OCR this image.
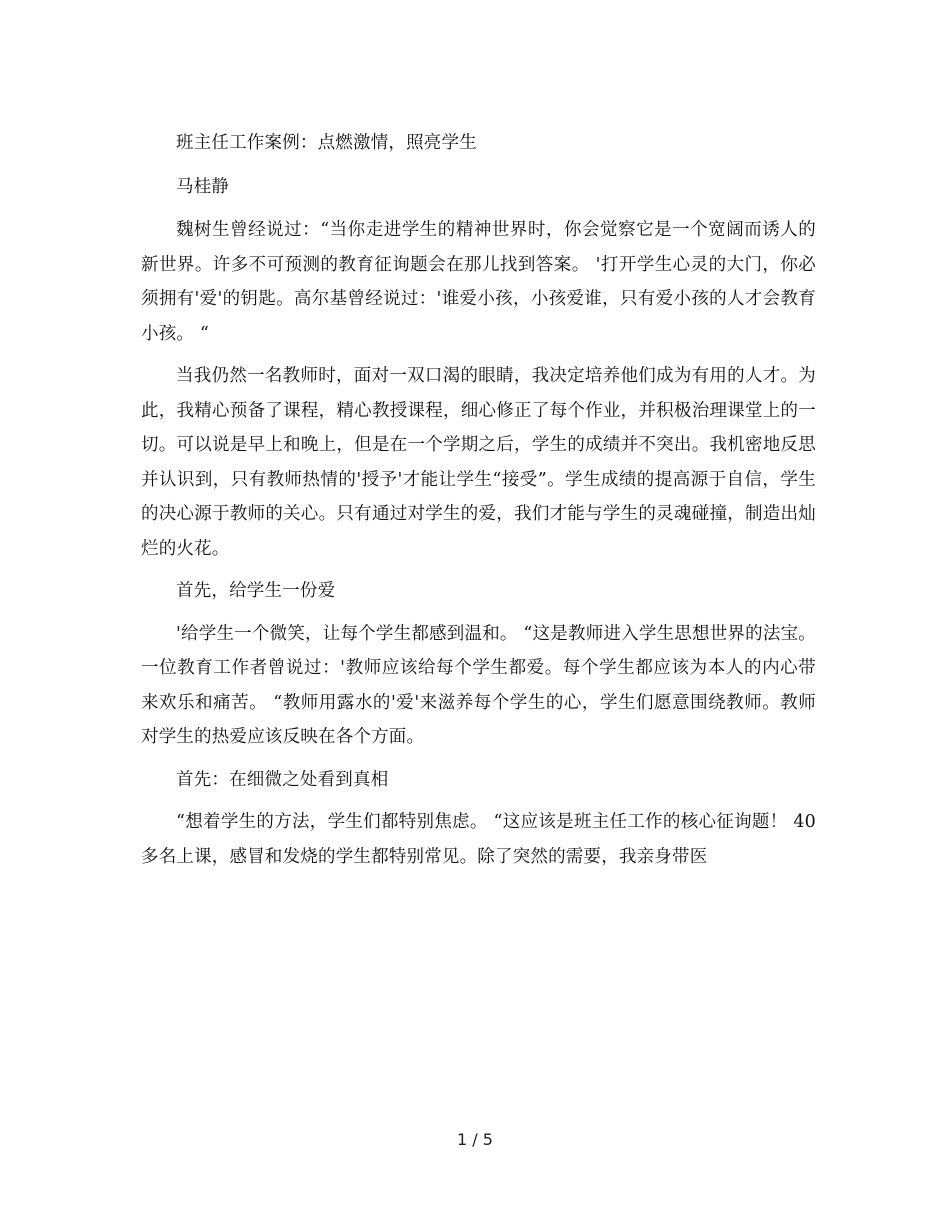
班主任工作案例：点燃激情，照亮学生

马桂静

魏树生曾经说过：“当你走进学生的精神世界时，你会觉察它是一个宽阔而诱人的新世界。许多不可预测的教育征询题会在那儿找到答案。 '打开学生心灵的大门，你必须拥有'爱'的钥匙。高尔基曾经说过：'谁爱小孩，小孩爱谁，只有爱小孩的人才会教育小孩。 “

当我仍然一名教师时，面对一双口渴的眼睛，我决定培养他们成为有用的人才。为此，我精心预备了课程，精心教授课程，细心修正了每个作业，并积极治理课堂上的一切。可以说是早上和晚上，但是在一个学期之后，学生的成绩并不突出。我机密地反思并认识到，只有教师热情的'授予'才能让学生“接受”。学生成绩的提高源于自信，学生的决心源于教师的关心。只有通过对学生的爱，我们才能与学生的灵魂碰撞，制造出灿烂的火花。

首先，给学生一份爱

'给学生一个微笑，让每个学生都感到温和。 “这是教师进入学生思想世界的法宝。一位教育工作者曾说过：'教师应该给每个学生都爱。每个学生都应该为本人的内心带来欢乐和痛苦。 “教师用露水的'爱'来滋养每个学生的心，学生们愿意围绕教师。教师对学生的热爱应该反映在各个方面。

首先：在细微之处看到真相

“想着学生的方法，学生们都特别焦虑。 “这应该是班主任工作的核心征询题！ 40多名上课，感冒和发烧的学生都特别常见。除了突然的需要，我亲身带医

1 / 5
